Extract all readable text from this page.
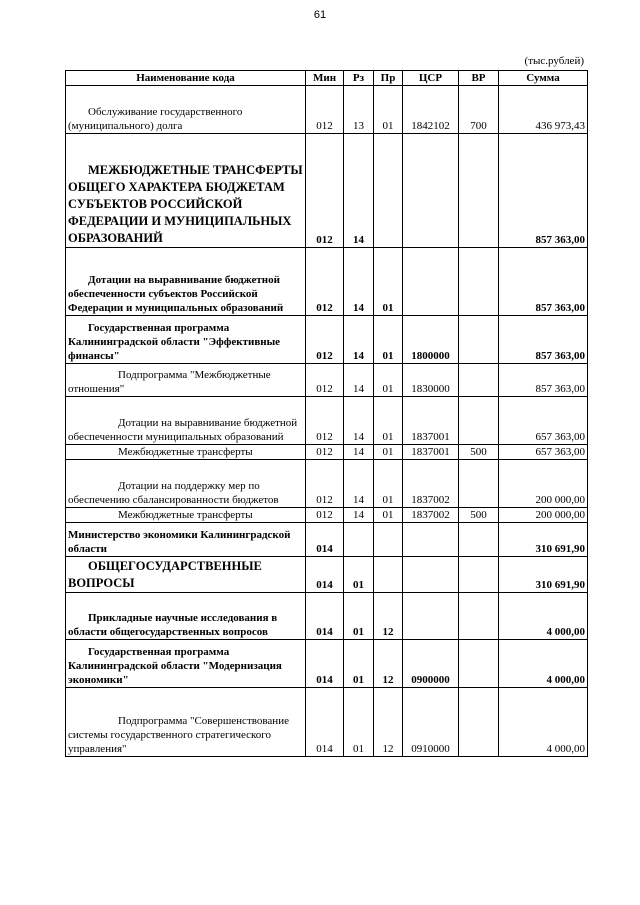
61
(тыс.рублей)
Наименование кода	Мин	Рз	Пр	ЦСР	ВР	Сумма
Обслуживание государственного (муниципального) долга	012	13	01	1842102	700	436 973,43
МЕЖБЮДЖЕТНЫЕ ТРАНСФЕРТЫ ОБЩЕГО ХАРАКТЕРА БЮДЖЕТАМ СУБЪЕКТОВ РОССИЙСКОЙ ФЕДЕРАЦИИ И МУНИЦИПАЛЬНЫХ ОБРАЗОВАНИЙ	012	14				857 363,00
Дотации на выравнивание бюджетной обеспеченности субъектов Российской Федерации и муниципальных образований	012	14	01			857 363,00
Государственная программа Калининградской области "Эффективные финансы"	012	14	01	1800000		857 363,00
Подпрограмма "Межбюджетные отношения"	012	14	01	1830000		857 363,00
Дотации на выравнивание бюджетной обеспеченности муниципальных образований	012	14	01	1837001		657 363,00
Межбюджетные трансферты	012	14	01	1837001	500	657 363,00
Дотации на поддержку мер по обеспечению сбалансированности бюджетов	012	14	01	1837002		200 000,00
Межбюджетные трансферты	012	14	01	1837002	500	200 000,00
Министерство экономики Калининградской области	014					310 691,90
ОБЩЕГОСУДАРСТВЕННЫЕ ВОПРОСЫ	014	01				310 691,90
Прикладные научные исследования в области общегосударственных вопросов	014	01	12			4 000,00
Государственная программа Калининградской области "Модернизация экономики"	014	01	12	0900000		4 000,00
Подпрограмма "Совершенствование системы государственного стратегического управления"	014	01	12	0910000		4 000,00
